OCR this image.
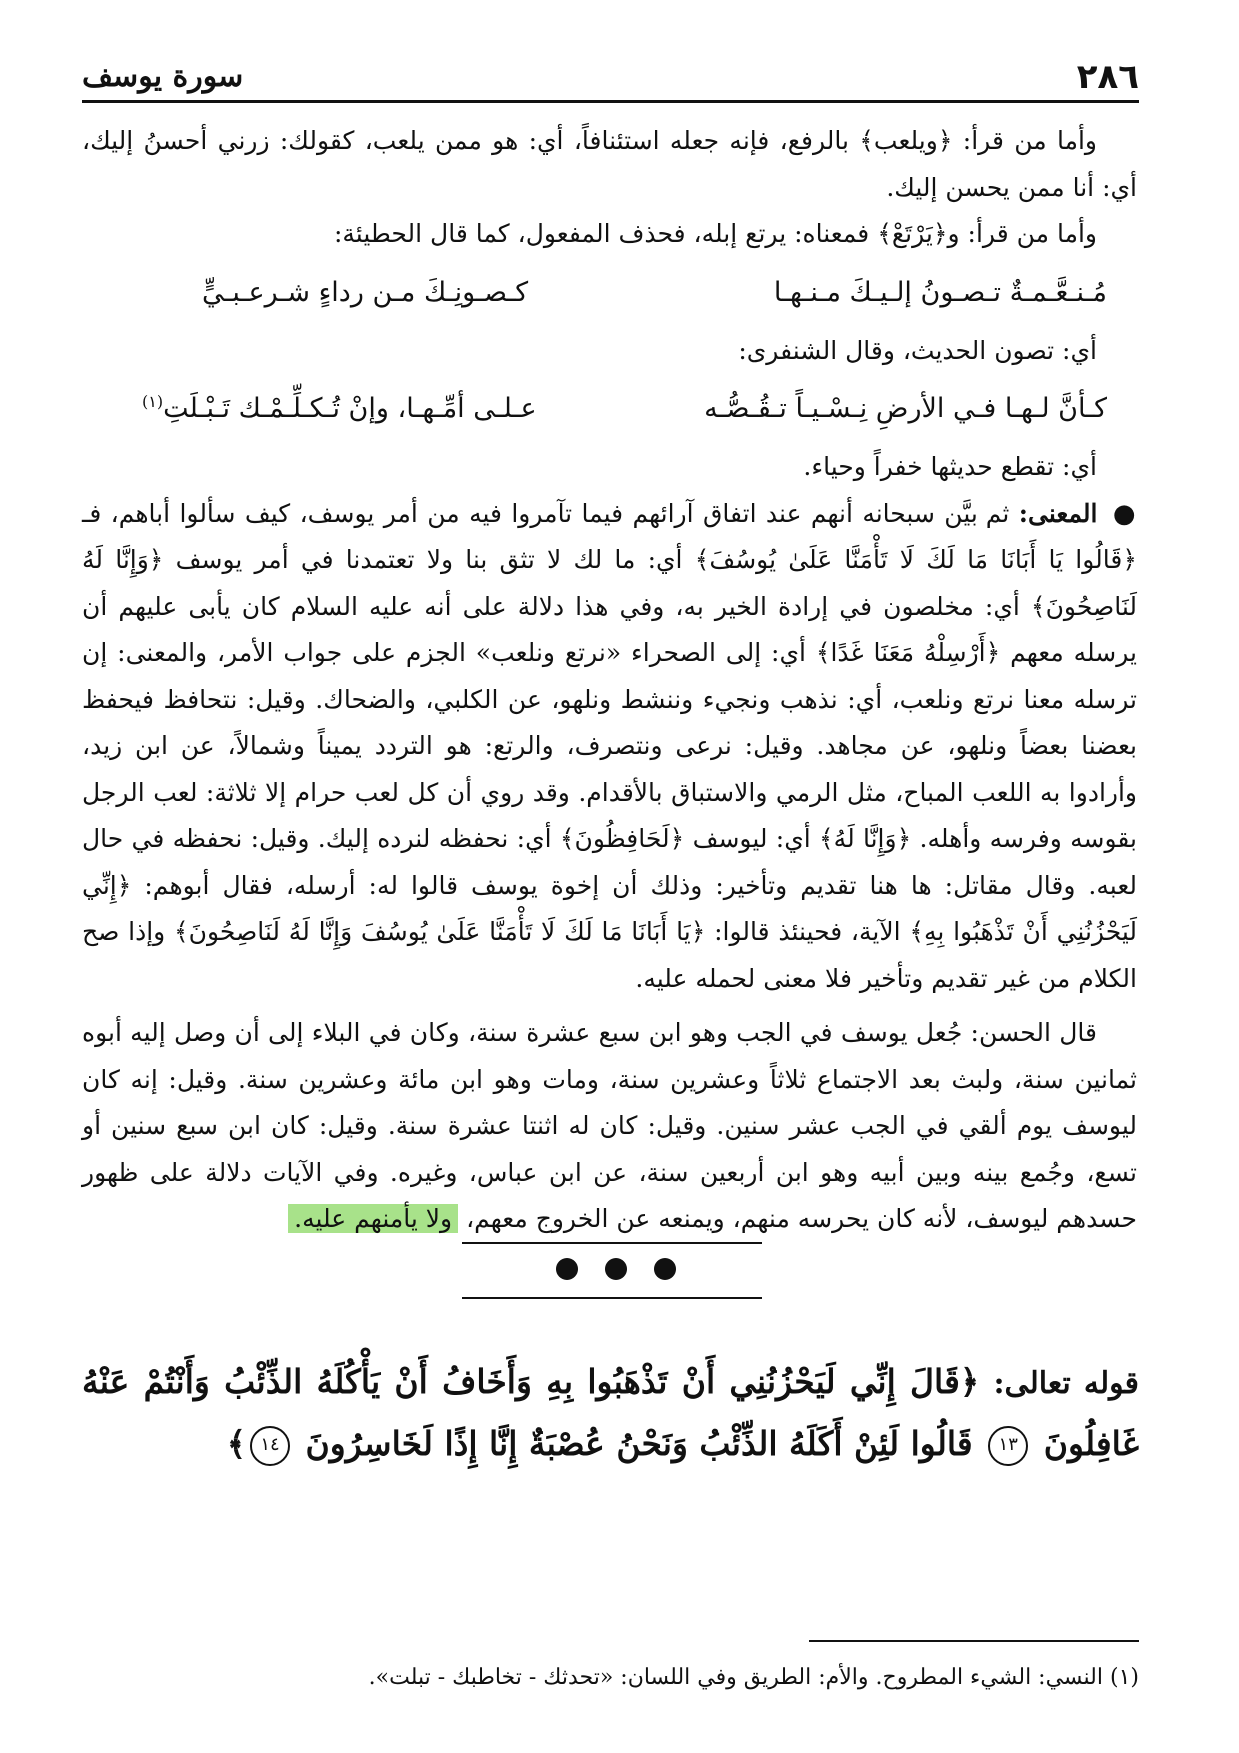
٢٨٦
سورة يوسف

وأما من قرأ: ﴿ويلعب﴾ بالرفع، فإنه جعله استئنافاً، أي: هو ممن يلعب، كقولك: زرني أحسنُ إليك، أي: أنا ممن يحسن إليك.

وأما من قرأ: و﴿يَرْتَعْ﴾ فمعناه: يرتع إبله، فحذف المفعول، كما قال الحطيئة:

مُـنـعَّـمـةٌ تـصـونُ إلـيـكَ مـنـهـا
كـصـونِـكَ مـن رداءٍ شـرعـبـيٍّ

أي: تصون الحديث، وقال الشنفرى:

كـأنَّ لـهـا فـي الأرضِ نِـسْـيـاً تـقُـصُّـه
عـلـى أمِّـهـا، وإنْ تُـكـلِّـمْـك تَـبْـلَتِ$^{(١)}$

أي: تقطع حديثها خفراً وحياء.

● المعنى: ثم بيَّن سبحانه أنهم عند اتفاق آرائهم فيما تآمروا فيه من أمر يوسف، كيف سألوا أباهم، فـ ﴿قَالُوا يَا أَبَانَا مَا لَكَ لَا تَأْمَنَّا عَلَىٰ يُوسُفَ﴾ أي: ما لك لا تثق بنا ولا تعتمدنا في أمر يوسف ﴿وَإِنَّا لَهُ لَنَاصِحُونَ﴾ أي: مخلصون في إرادة الخير به، وفي هذا دلالة على أنه عليه السلام كان يأبى عليهم أن يرسله معهم ﴿أَرْسِلْهُ مَعَنَا غَدًا﴾ أي: إلى الصحراء «نرتع ونلعب» الجزم على جواب الأمر، والمعنى: إن ترسله معنا نرتع ونلعب، أي: نذهب ونجيء وننشط ونلهو، عن الكلبي، والضحاك. وقيل: نتحافظ فيحفظ بعضنا بعضاً ونلهو، عن مجاهد. وقيل: نرعى ونتصرف، والرتع: هو التردد يميناً وشمالاً، عن ابن زيد، وأرادوا به اللعب المباح، مثل الرمي والاستباق بالأقدام. وقد روي أن كل لعب حرام إلا ثلاثة: لعب الرجل بقوسه وفرسه وأهله. ﴿وَإِنَّا لَهُ﴾ أي: ليوسف ﴿لَحَافِظُونَ﴾ أي: نحفظه لنرده إليك. وقيل: نحفظه في حال لعبه. وقال مقاتل: ها هنا تقديم وتأخير: وذلك أن إخوة يوسف قالوا له: أرسله، فقال أبوهم: ﴿إِنِّي لَيَحْزُنُنِي أَنْ تَذْهَبُوا بِهِ﴾ الآية، فحينئذ قالوا: ﴿يَا أَبَانَا مَا لَكَ لَا تَأْمَنَّا عَلَىٰ يُوسُفَ وَإِنَّا لَهُ لَنَاصِحُونَ﴾ وإذا صح الكلام من غير تقديم وتأخير فلا معنى لحمله عليه.

قال الحسن: جُعل يوسف في الجب وهو ابن سبع عشرة سنة، وكان في البلاء إلى أن وصل إليه أبوه ثمانين سنة، ولبث بعد الاجتماع ثلاثاً وعشرين سنة، ومات وهو ابن مائة وعشرين سنة. وقيل: إنه كان ليوسف يوم ألقي في الجب عشر سنين. وقيل: كان له اثنتا عشرة سنة. وقيل: كان ابن سبع سنين أو تسع، وجُمع بينه وبين أبيه وهو ابن أربعين سنة، عن ابن عباس، وغيره. وفي الآيات دلالة على ظهور حسدهم ليوسف، لأنه كان يحرسه منهم، ويمنعه عن الخروج معهم، ولا يأمنهم عليه.

قوله تعالى: ﴿قَالَ إِنِّي لَيَحْزُنُنِي أَنْ تَذْهَبُوا بِهِ وَأَخَافُ أَنْ يَأْكُلَهُ الذِّئْبُ وَأَنْتُمْ عَنْهُ غَافِلُونَ ١٣ قَالُوا لَئِنْ أَكَلَهُ الذِّئْبُ وَنَحْنُ عُصْبَةٌ إِنَّا إِذًا لَخَاسِرُونَ ١٤﴾
(١) النسي: الشيء المطروح. والأم: الطريق وفي اللسان: «تحدثك - تخاطبك - تبلت».
